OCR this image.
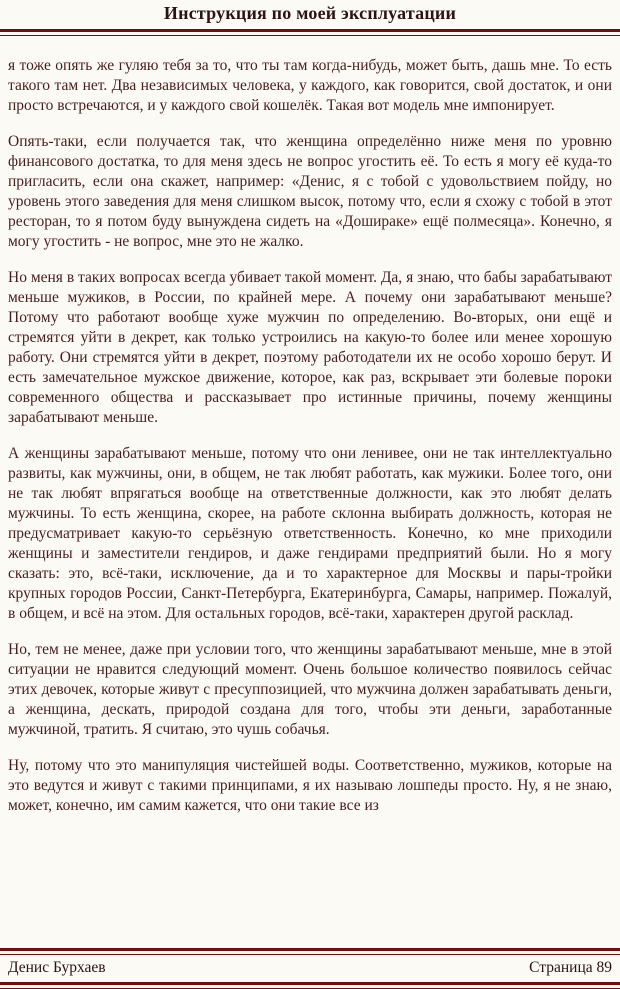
Инструкция по моей эксплуатации

я тоже опять же гуляю тебя за то, что ты там когда-нибудь, может быть, дашь мне. То есть такого там нет. Два независимых человека, у каждого, как говорится, свой достаток, и они просто встречаются, и у каждого свой кошелёк. Такая вот модель мне импонирует.

Опять-таки, если получается так, что женщина определённо ниже меня по уровню финансового достатка, то для меня здесь не вопрос угостить её. То есть я могу её куда-то пригласить, если она скажет, например: «Денис, я с тобой с удовольствием пойду, но уровень этого заведения для меня слишком высок, потому что, если я схожу с тобой в этот ресторан, то я потом буду вынуждена сидеть на «Дошираке» ещё полмесяца». Конечно, я могу угостить - не вопрос, мне это не жалко.

Но меня в таких вопросах всегда убивает такой момент. Да, я знаю, что бабы зарабатывают меньше мужиков, в России, по крайней мере. А почему они зарабатывают меньше? Потому что работают вообще хуже мужчин по определению. Во-вторых, они ещё и стремятся уйти в декрет, как только устроились на какую-то более или менее хорошую работу. Они стремятся уйти в декрет, поэтому работодатели их не особо хорошо берут. И есть замечательное мужское движение, которое, как раз, вскрывает эти болевые пороки современного общества и рассказывает про истинные причины, почему женщины зарабатывают меньше.

А женщины зарабатывают меньше, потому что они ленивее, они не так интеллектуально развиты, как мужчины, они, в общем, не так любят работать, как мужики. Более того, они не так любят впрягаться вообще на ответственные должности, как это любят делать мужчины. То есть женщина, скорее, на работе склонна выбирать должность, которая не предусматривает какую-то серьёзную ответственность. Конечно, ко мне приходили женщины и заместители гендиров, и даже гендирами предприятий были. Но я могу сказать: это, всё-таки, исключение, да и то характерное для Москвы и пары-тройки крупных городов России, Санкт-Петербурга, Екатеринбурга, Самары, например. Пожалуй, в общем, и всё на этом. Для остальных городов, всё-таки, характерен другой расклад.

Но, тем не менее, даже при условии того, что женщины зарабатывают меньше, мне в этой ситуации не нравится следующий момент. Очень большое количество появилось сейчас этих девочек, которые живут с пресуппозицией, что мужчина должен зарабатывать деньги, а женщина, дескать, природой создана для того, чтобы эти деньги, заработанные мужчиной, тратить. Я считаю, это чушь собачья.

Ну, потому что это манипуляция чистейшей воды. Соответственно, мужиков, которые на это ведутся и живут с такими принципами, я их называю лошпеды просто. Ну, я не знаю, может, конечно, им самим кажется, что они такие все из

Денис Бурхаев	Страница 89
